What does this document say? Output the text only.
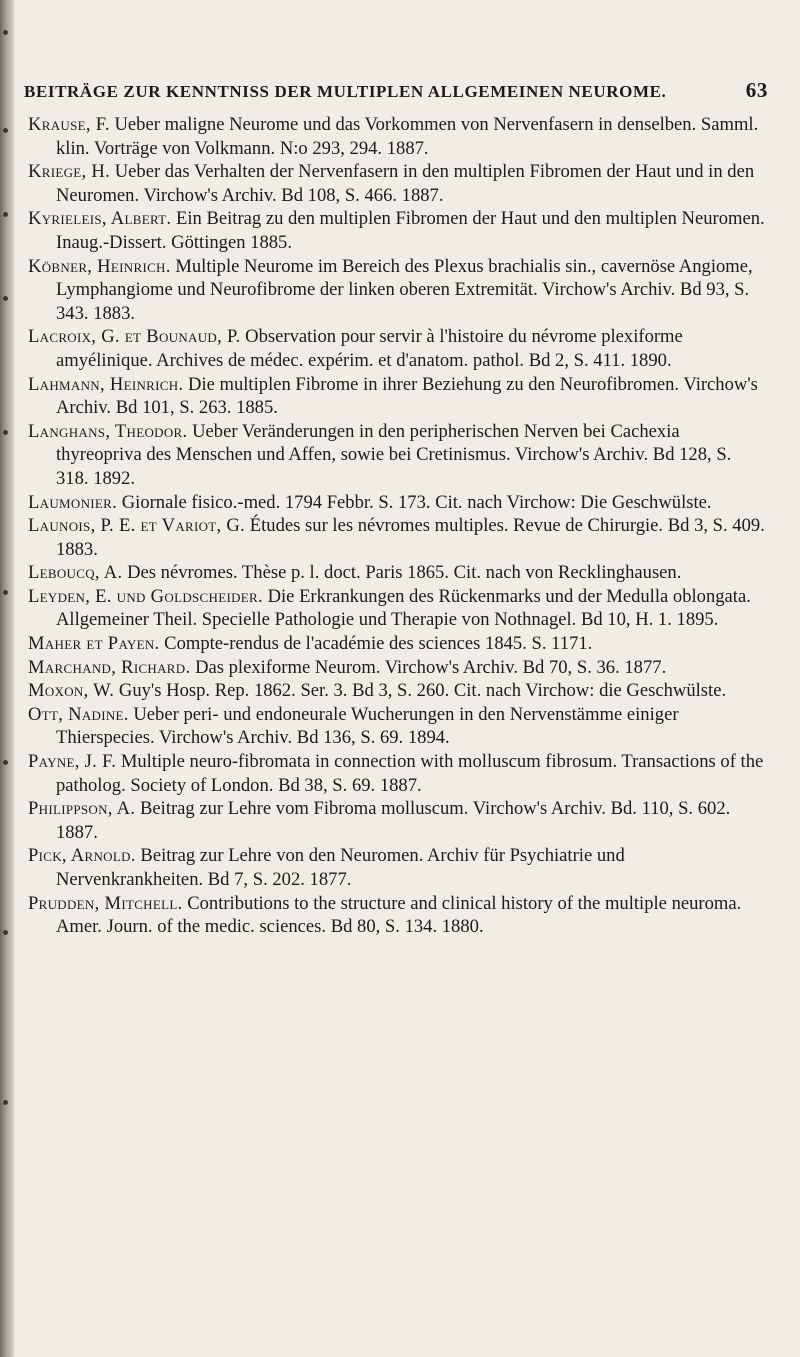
BEITRÄGE ZUR KENNTNISS DER MULTIPLEN ALLGEMEINEN NEUROME.	63
Krause, F. Ueber maligne Neurome und das Vorkommen von Nervenfasern in denselben. Samml. klin. Vorträge von Volkmann. N:o 293, 294. 1887.
Kriege, H. Ueber das Verhalten der Nervenfasern in den multiplen Fibromen der Haut und in den Neuromen. Virchow's Archiv. Bd 108, S. 466. 1887.
Kyrieleis, Albert. Ein Beitrag zu den multiplen Fibromen der Haut und den multiplen Neuromen. Inaug.-Dissert. Göttingen 1885.
Köbner, Heinrich. Multiple Neurome im Bereich des Plexus brachialis sin., cavernöse Angiome, Lymphangiome und Neurofibrome der linken oberen Extremität. Virchow's Archiv. Bd 93, S. 343. 1883.
Lacroix, G. et Bounaud, P. Observation pour servir à l'histoire du névrome plexiforme amyélinique. Archives de médec. expérim. et d'anatom. pathol. Bd 2, S. 411. 1890.
Lahmann, Heinrich. Die multiplen Fibrome in ihrer Beziehung zu den Neurofibromen. Virchow's Archiv. Bd 101, S. 263. 1885.
Langhans, Theodor. Ueber Veränderungen in den peripherischen Nerven bei Cachexia thyreopriva des Menschen und Affen, sowie bei Cretinismus. Virchow's Archiv. Bd 128, S. 318. 1892.
Laumonier. Giornale fisico.-med. 1794 Febbr. S. 173. Cit. nach Virchow: Die Geschwülste.
Launois, P. E. et Variot, G. Études sur les névromes multiples. Revue de Chirurgie. Bd 3, S. 409. 1883.
Leboucq, A. Des névromes. Thèse p. l. doct. Paris 1865. Cit. nach von Recklinghausen.
Leyden, E. und Goldscheider. Die Erkrankungen des Rückenmarks und der Medulla oblongata. Allgemeiner Theil. Specielle Pathologie und Therapie von Nothnagel. Bd 10, H. 1. 1895.
Maher et Payen. Compte-rendus de l'académie des sciences 1845. S. 1171.
Marchand, Richard. Das plexiforme Neurom. Virchow's Archiv. Bd 70, S. 36. 1877.
Moxon, W. Guy's Hosp. Rep. 1862. Ser. 3. Bd 3, S. 260. Cit. nach Virchow: die Geschwülste.
Ott, Nadine. Ueber peri- und endoneurale Wucherungen in den Nervenstämme einiger Thierspecies. Virchow's Archiv. Bd 136, S. 69. 1894.
Payne, J. F. Multiple neuro-fibromata in connection with molluscum fibrosum. Transactions of the patholog. Society of London. Bd 38, S. 69. 1887.
Philippson, A. Beitrag zur Lehre vom Fibroma molluscum. Virchow's Archiv. Bd. 110, S. 602. 1887.
Pick, Arnold. Beitrag zur Lehre von den Neuromen. Archiv für Psychiatrie und Nervenkrankheiten. Bd 7, S. 202. 1877.
Prudden, Mitchell. Contributions to the structure and clinical history of the multiple neuroma. Amer. Journ. of the medic. sciences. Bd 80, S. 134. 1880.
